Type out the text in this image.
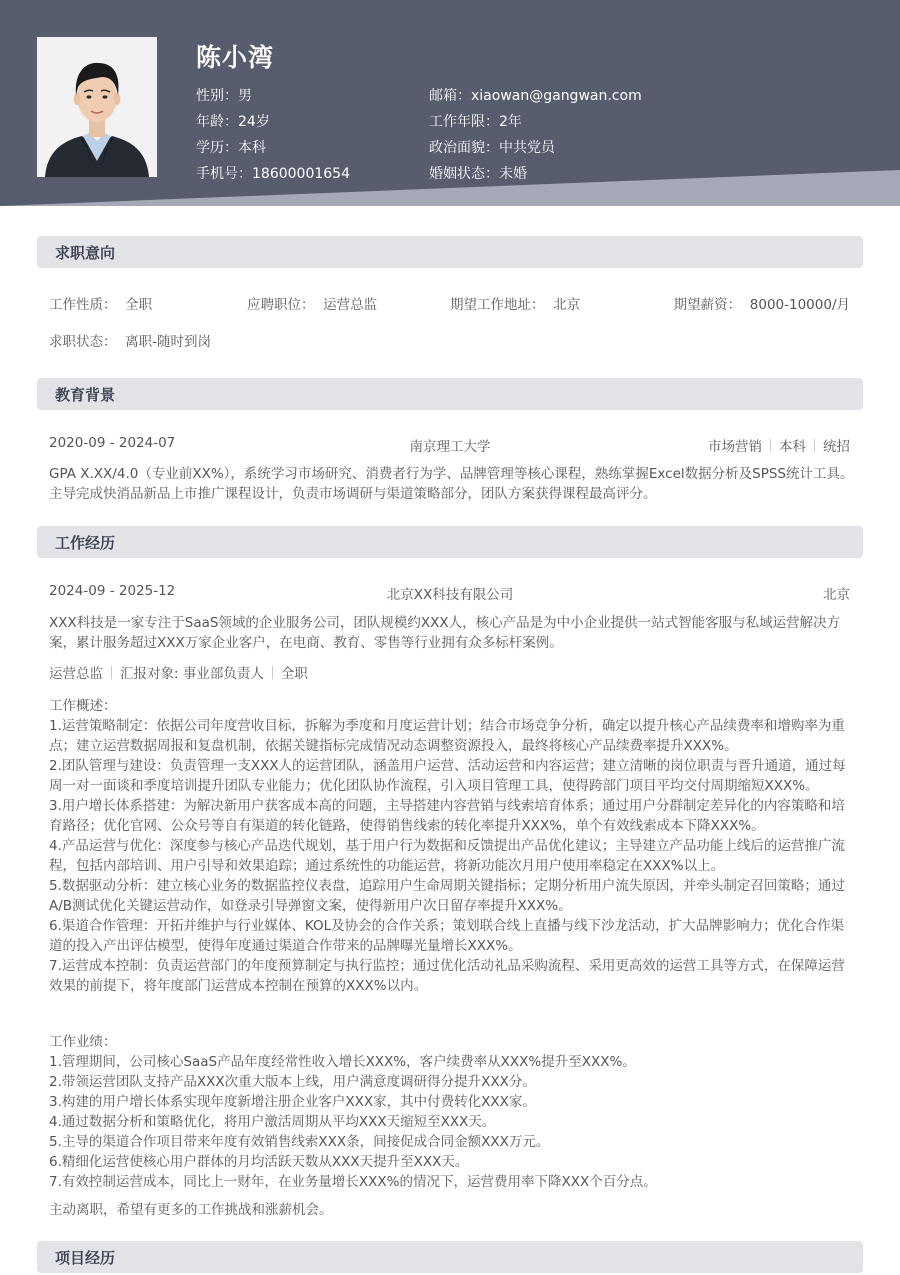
陈小湾
性别：男
年龄：24岁
学历：本科
手机号：18600001654
邮箱：xiaowan@gangwan.com
工作年限：2年
政治面貌：中共党员
婚姻状态：未婚
求职意向
工作性质： 全职	应聘职位： 运营总监	期望工作地址： 北京	期望薪资： 8000-10000/月
求职状态： 离职-随时到岗
教育背景
2020-09 - 2024-07	南京理工大学	市场营销 本科 统招
GPA X.XX/4.0（专业前XX%），系统学习市场研究、消费者行为学、品牌管理等核心课程，熟练掌握Excel数据分析及SPSS统计工具。主导完成快消品新品上市推广课程设计，负责市场调研与渠道策略部分，团队方案获得课程最高评分。
工作经历
2024-09 - 2025-12	北京XX科技有限公司	北京
XXX科技是一家专注于SaaS领域的企业服务公司，团队规模约XXX人，核心产品是为中小企业提供一站式智能客服与私域运营解决方案，累计服务超过XXX万家企业客户，在电商、教育、零售等行业拥有众多标杆案例。
运营总监 汇报对象: 事业部负责人 全职
工作概述：
1.运营策略制定：依据公司年度营收目标，拆解为季度和月度运营计划；结合市场竞争分析，确定以提升核心产品续费率和增购率为重点；建立运营数据周报和复盘机制，依据关键指标完成情况动态调整资源投入，最终将核心产品续费率提升XXX%。
2.团队管理与建设：负责管理一支XXX人的运营团队，涵盖用户运营、活动运营和内容运营；建立清晰的岗位职责与晋升通道，通过每周一对一面谈和季度培训提升团队专业能力；优化团队协作流程，引入项目管理工具，使得跨部门项目平均交付周期缩短XXX%。
3.用户增长体系搭建：为解决新用户获客成本高的问题，主导搭建内容营销与线索培育体系；通过用户分群制定差异化的内容策略和培育路径；优化官网、公众号等自有渠道的转化链路，使得销售线索的转化率提升XXX%，单个有效线索成本下降XXX%。
4.产品运营与优化：深度参与核心产品迭代规划，基于用户行为数据和反馈提出产品优化建议；主导建立产品功能上线后的运营推广流程，包括内部培训、用户引导和效果追踪；通过系统性的功能运营，将新功能次月用户使用率稳定在XXX%以上。
5.数据驱动分析：建立核心业务的数据监控仪表盘，追踪用户生命周期关键指标；定期分析用户流失原因，并牵头制定召回策略；通过A/B测试优化关键运营动作，如登录引导弹窗文案，使得新用户次日留存率提升XXX%。
6.渠道合作管理：开拓并维护与行业媒体、KOL及协会的合作关系；策划联合线上直播与线下沙龙活动，扩大品牌影响力；优化合作渠道的投入产出评估模型，使得年度通过渠道合作带来的品牌曝光量增长XXX%。
7.运营成本控制：负责运营部门的年度预算制定与执行监控；通过优化活动礼品采购流程、采用更高效的运营工具等方式，在保障运营效果的前提下，将年度部门运营成本控制在预算的XXX%以内。
工作业绩：
1.管理期间，公司核心SaaS产品年度经常性收入增长XXX%，客户续费率从XXX%提升至XXX%。
2.带领运营团队支持产品XXX次重大版本上线，用户满意度调研得分提升XXX分。
3.构建的用户增长体系实现年度新增注册企业客户XXX家，其中付费转化XXX家。
4.通过数据分析和策略优化，将用户激活周期从平均XXX天缩短至XXX天。
5.主导的渠道合作项目带来年度有效销售线索XXX条，间接促成合同金额XXX万元。
6.精细化运营使核心用户群体的月均活跃天数从XXX天提升至XXX天。
7.有效控制运营成本，同比上一财年，在业务量增长XXX%的情况下，运营费用率下降XXX个百分点。
主动离职，希望有更多的工作挑战和涨薪机会。
项目经历
